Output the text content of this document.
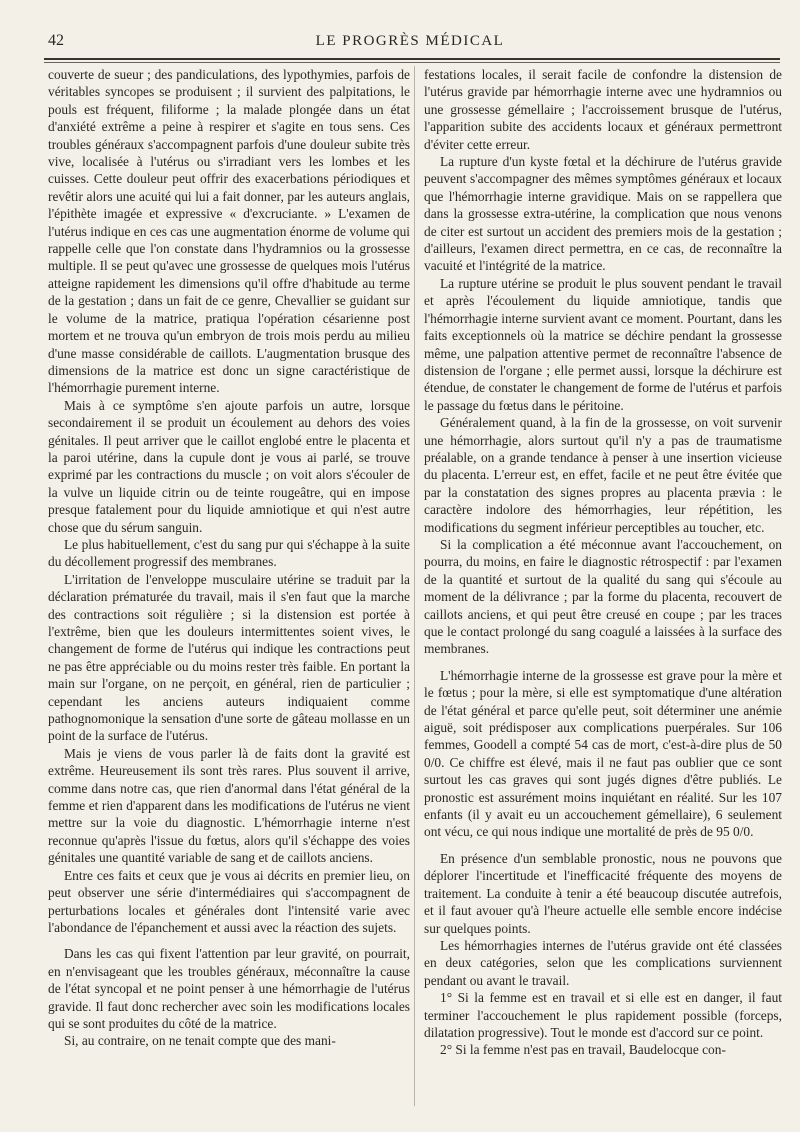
42	LE PROGRÈS MÉDICAL

couverte de sueur ; des pandiculations, des lypothymies, parfois de véritables syncopes se produisent ; il survient des palpitations, le pouls est fréquent, filiforme ; la malade plongée dans un état d'anxiété extrême a peine à respirer et s'agite en tous sens. Ces troubles généraux s'accompagnent parfois d'une douleur subite très vive, localisée à l'utérus ou s'irradiant vers les lombes et les cuisses. Cette douleur peut offrir des exacerbations périodiques et revêtir alors une acuité qui lui a fait donner, par les auteurs anglais, l'épithète imagée et expressive « d'excruciante. » L'examen de l'utérus indique en ces cas une augmentation énorme de volume qui rappelle celle que l'on constate dans l'hydramnios ou la grossesse multiple. Il se peut qu'avec une grossesse de quelques mois l'utérus atteigne rapidement les dimensions qu'il offre d'habitude au terme de la gestation ; dans un fait de ce genre, Chevallier se guidant sur le volume de la matrice, pratiqua l'opération césarienne post mortem et ne trouva qu'un embryon de trois mois perdu au milieu d'une masse considérable de caillots. L'augmentation brusque des dimensions de la matrice est donc un signe caractéristique de l'hémorrhagie purement interne.

Mais à ce symptôme s'en ajoute parfois un autre, lorsque secondairement il se produit un écoulement au dehors des voies génitales. Il peut arriver que le caillot englobé entre le placenta et la paroi utérine, dans la cupule dont je vous ai parlé, se trouve exprimé par les contractions du muscle ; on voit alors s'écouler de la vulve un liquide citrin ou de teinte rougeâtre, qui en impose presque fatalement pour du liquide amniotique et qui n'est autre chose que du sérum sanguin.

Le plus habituellement, c'est du sang pur qui s'échappe à la suite du décollement progressif des membranes.

L'irritation de l'enveloppe musculaire utérine se traduit par la déclaration prématurée du travail, mais il s'en faut que la marche des contractions soit régulière ; si la distension est portée à l'extrême, bien que les douleurs intermittentes soient vives, le changement de forme de l'utérus qui indique les contractions peut ne pas être appréciable ou du moins rester très faible. En portant la main sur l'organe, on ne perçoit, en général, rien de particulier ; cependant les anciens auteurs indiquaient comme pathognomonique la sensation d'une sorte de gâteau mollasse en un point de la surface de l'utérus.

Mais je viens de vous parler là de faits dont la gravité est extrême. Heureusement ils sont très rares. Plus souvent il arrive, comme dans notre cas, que rien d'anormal dans l'état général de la femme et rien d'apparent dans les modifications de l'utérus ne vient mettre sur la voie du diagnostic. L'hémorrhagie interne n'est reconnue qu'après l'issue du fœtus, alors qu'il s'échappe des voies génitales une quantité variable de sang et de caillots anciens.

Entre ces faits et ceux que je vous ai décrits en premier lieu, on peut observer une série d'intermédiaires qui s'accompagnent de perturbations locales et générales dont l'intensité varie avec l'abondance de l'épanchement et aussi avec la réaction des sujets.

Dans les cas qui fixent l'attention par leur gravité, on pourrait, en n'envisageant que les troubles généraux, méconnaître la cause de l'état syncopal et ne point penser à une hémorrhagie de l'utérus gravide. Il faut donc rechercher avec soin les modifications locales qui se sont produites du côté de la matrice.

Si, au contraire, on ne tenait compte que des mani-

festations locales, il serait facile de confondre la distension de l'utérus gravide par hémorrhagie interne avec une hydramnios ou une grossesse gémellaire ; l'accroissement brusque de l'utérus, l'apparition subite des accidents locaux et généraux permettront d'éviter cette erreur.

La rupture d'un kyste fœtal et la déchirure de l'utérus gravide peuvent s'accompagner des mêmes symptômes généraux et locaux que l'hémorrhagie interne gravidique. Mais on se rappellera que dans la grossesse extra-utérine, la complication que nous venons de citer est surtout un accident des premiers mois de la gestation ; d'ailleurs, l'examen direct permettra, en ce cas, de reconnaître la vacuité et l'intégrité de la matrice.

La rupture utérine se produit le plus souvent pendant le travail et après l'écoulement du liquide amniotique, tandis que l'hémorrhagie interne survient avant ce moment. Pourtant, dans les faits exceptionnels où la matrice se déchire pendant la grossesse même, une palpation attentive permet de reconnaître l'absence de distension de l'organe ; elle permet aussi, lorsque la déchirure est étendue, de constater le changement de forme de l'utérus et parfois le passage du fœtus dans le péritoine.

Généralement quand, à la fin de la grossesse, on voit survenir une hémorrhagie, alors surtout qu'il n'y a pas de traumatisme préalable, on a grande tendance à penser à une insertion vicieuse du placenta. L'erreur est, en effet, facile et ne peut être évitée que par la constatation des signes propres au placenta prævia : le caractère indolore des hémorrhagies, leur répétition, les modifications du segment inférieur perceptibles au toucher, etc.

Si la complication a été méconnue avant l'accouchement, on pourra, du moins, en faire le diagnostic rétrospectif : par l'examen de la quantité et surtout de la qualité du sang qui s'écoule au moment de la délivrance ; par la forme du placenta, recouvert de caillots anciens, et qui peut être creusé en coupe ; par les traces que le contact prolongé du sang coagulé a laissées à la surface des membranes.

L'hémorrhagie interne de la grossesse est grave pour la mère et le fœtus ; pour la mère, si elle est symptomatique d'une altération de l'état général et parce qu'elle peut, soit déterminer une anémie aiguë, soit prédisposer aux complications puerpérales. Sur 106 femmes, Goodell a compté 54 cas de mort, c'est-à-dire plus de 50 0/0. Ce chiffre est élevé, mais il ne faut pas oublier que ce sont surtout les cas graves qui sont jugés dignes d'être publiés. Le pronostic est assurément moins inquiétant en réalité. Sur les 107 enfants (il y avait eu un accouchement gémellaire), 6 seulement ont vécu, ce qui nous indique une mortalité de près de 95 0/0.

En présence d'un semblable pronostic, nous ne pouvons que déplorer l'incertitude et l'inefficacité fréquente des moyens de traitement. La conduite à tenir a été beaucoup discutée autrefois, et il faut avouer qu'à l'heure actuelle elle semble encore indécise sur quelques points.

Les hémorrhagies internes de l'utérus gravide ont été classées en deux catégories, selon que les complications surviennent pendant ou avant le travail.

1° Si la femme est en travail et si elle est en danger, il faut terminer l'accouchement le plus rapidement possible (forceps, dilatation progressive). Tout le monde est d'accord sur ce point.

2° Si la femme n'est pas en travail, Baudelocque con-
